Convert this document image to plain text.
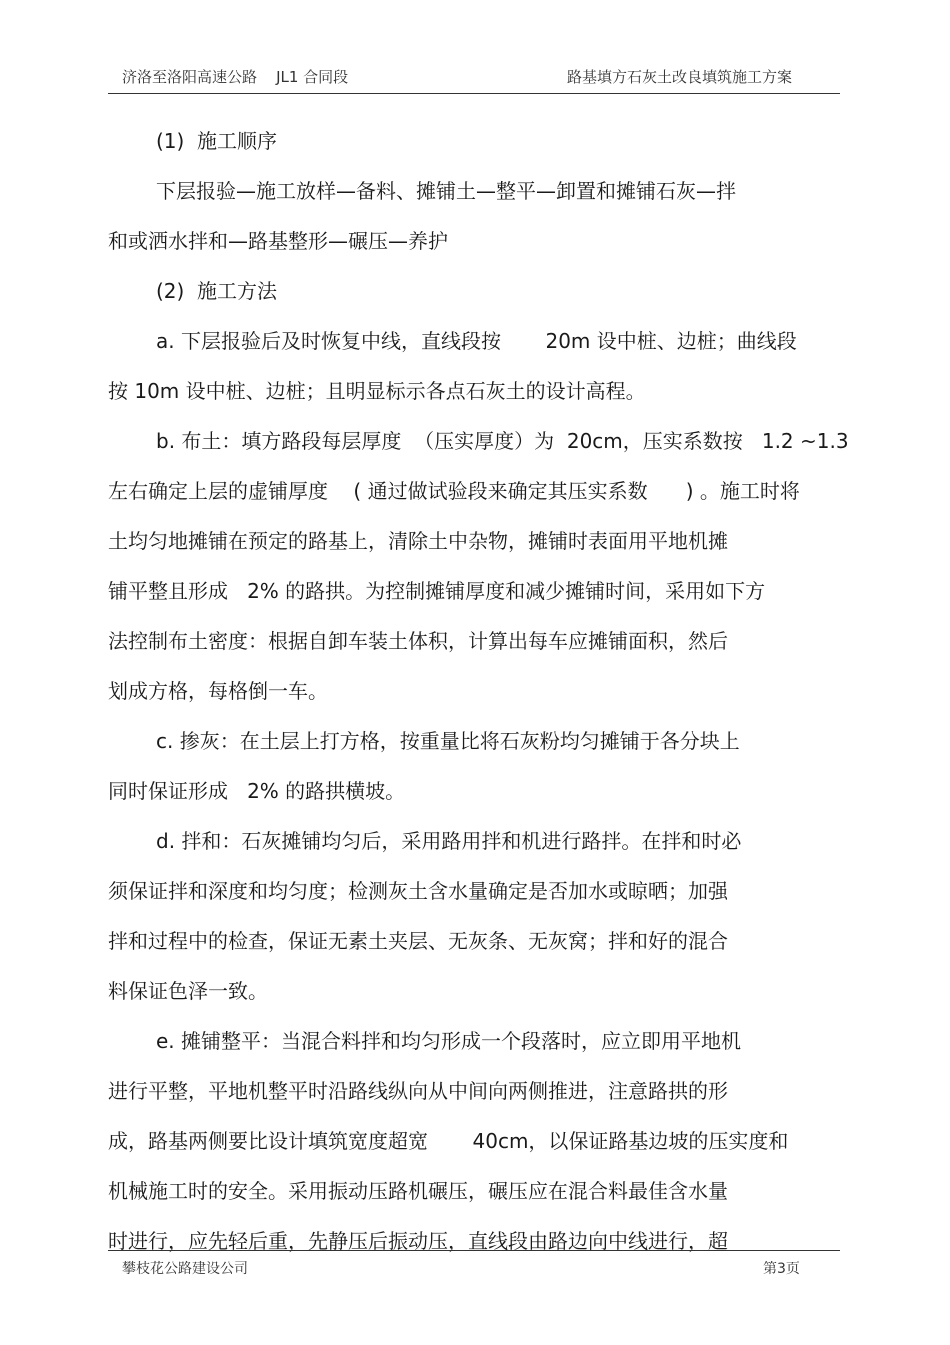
济洛至洛阳高速公路    JL1 合同段	路基填方石灰土改良填筑施工方案
(1)  施工顺序
下层报验—施工放样—备料、摊铺土—整平—卸置和摊铺石灰—拌
和或洒水拌和—路基整形—碾压—养护
(2)  施工方法
a. 下层报验后及时恢复中线，直线段按       20m 设中桩、边桩；曲线段
按 10m 设中桩、边桩；且明显标示各点石灰土的设计高程。
b. 布土：填方路段每层厚度  （压实厚度）为  20cm，压实系数按   1.2 ~1.3
左右确定上层的虚铺厚度    ( 通过做试验段来确定其压实系数      ) 。施工时将
土均匀地摊铺在预定的路基上，清除土中杂物，摊铺时表面用平地机摊
铺平整且形成   2% 的路拱。为控制摊铺厚度和减少摊铺时间，采用如下方
法控制布土密度：根据自卸车装土体积，计算出每车应摊铺面积，然后
划成方格，每格倒一车。
c. 掺灰：在土层上打方格，按重量比将石灰粉均匀摊铺于各分块上
同时保证形成   2% 的路拱横坡。
d. 拌和：石灰摊铺均匀后，采用路用拌和机进行路拌。在拌和时必
须保证拌和深度和均匀度；检测灰土含水量确定是否加水或晾晒；加强
拌和过程中的检查，保证无素土夹层、无灰条、无灰窝；拌和好的混合
料保证色泽一致。
e. 摊铺整平：当混合料拌和均匀形成一个段落时，应立即用平地机
进行平整，平地机整平时沿路线纵向从中间向两侧推进，注意路拱的形
成，路基两侧要比设计填筑宽度超宽       40cm，以保证路基边坡的压实度和
机械施工时的安全。采用振动压路机碾压，碾压应在混合料最佳含水量
时进行，应先轻后重，先静压后振动压，直线段由路边向中线进行，超
攀枝花公路建设公司	第3页
